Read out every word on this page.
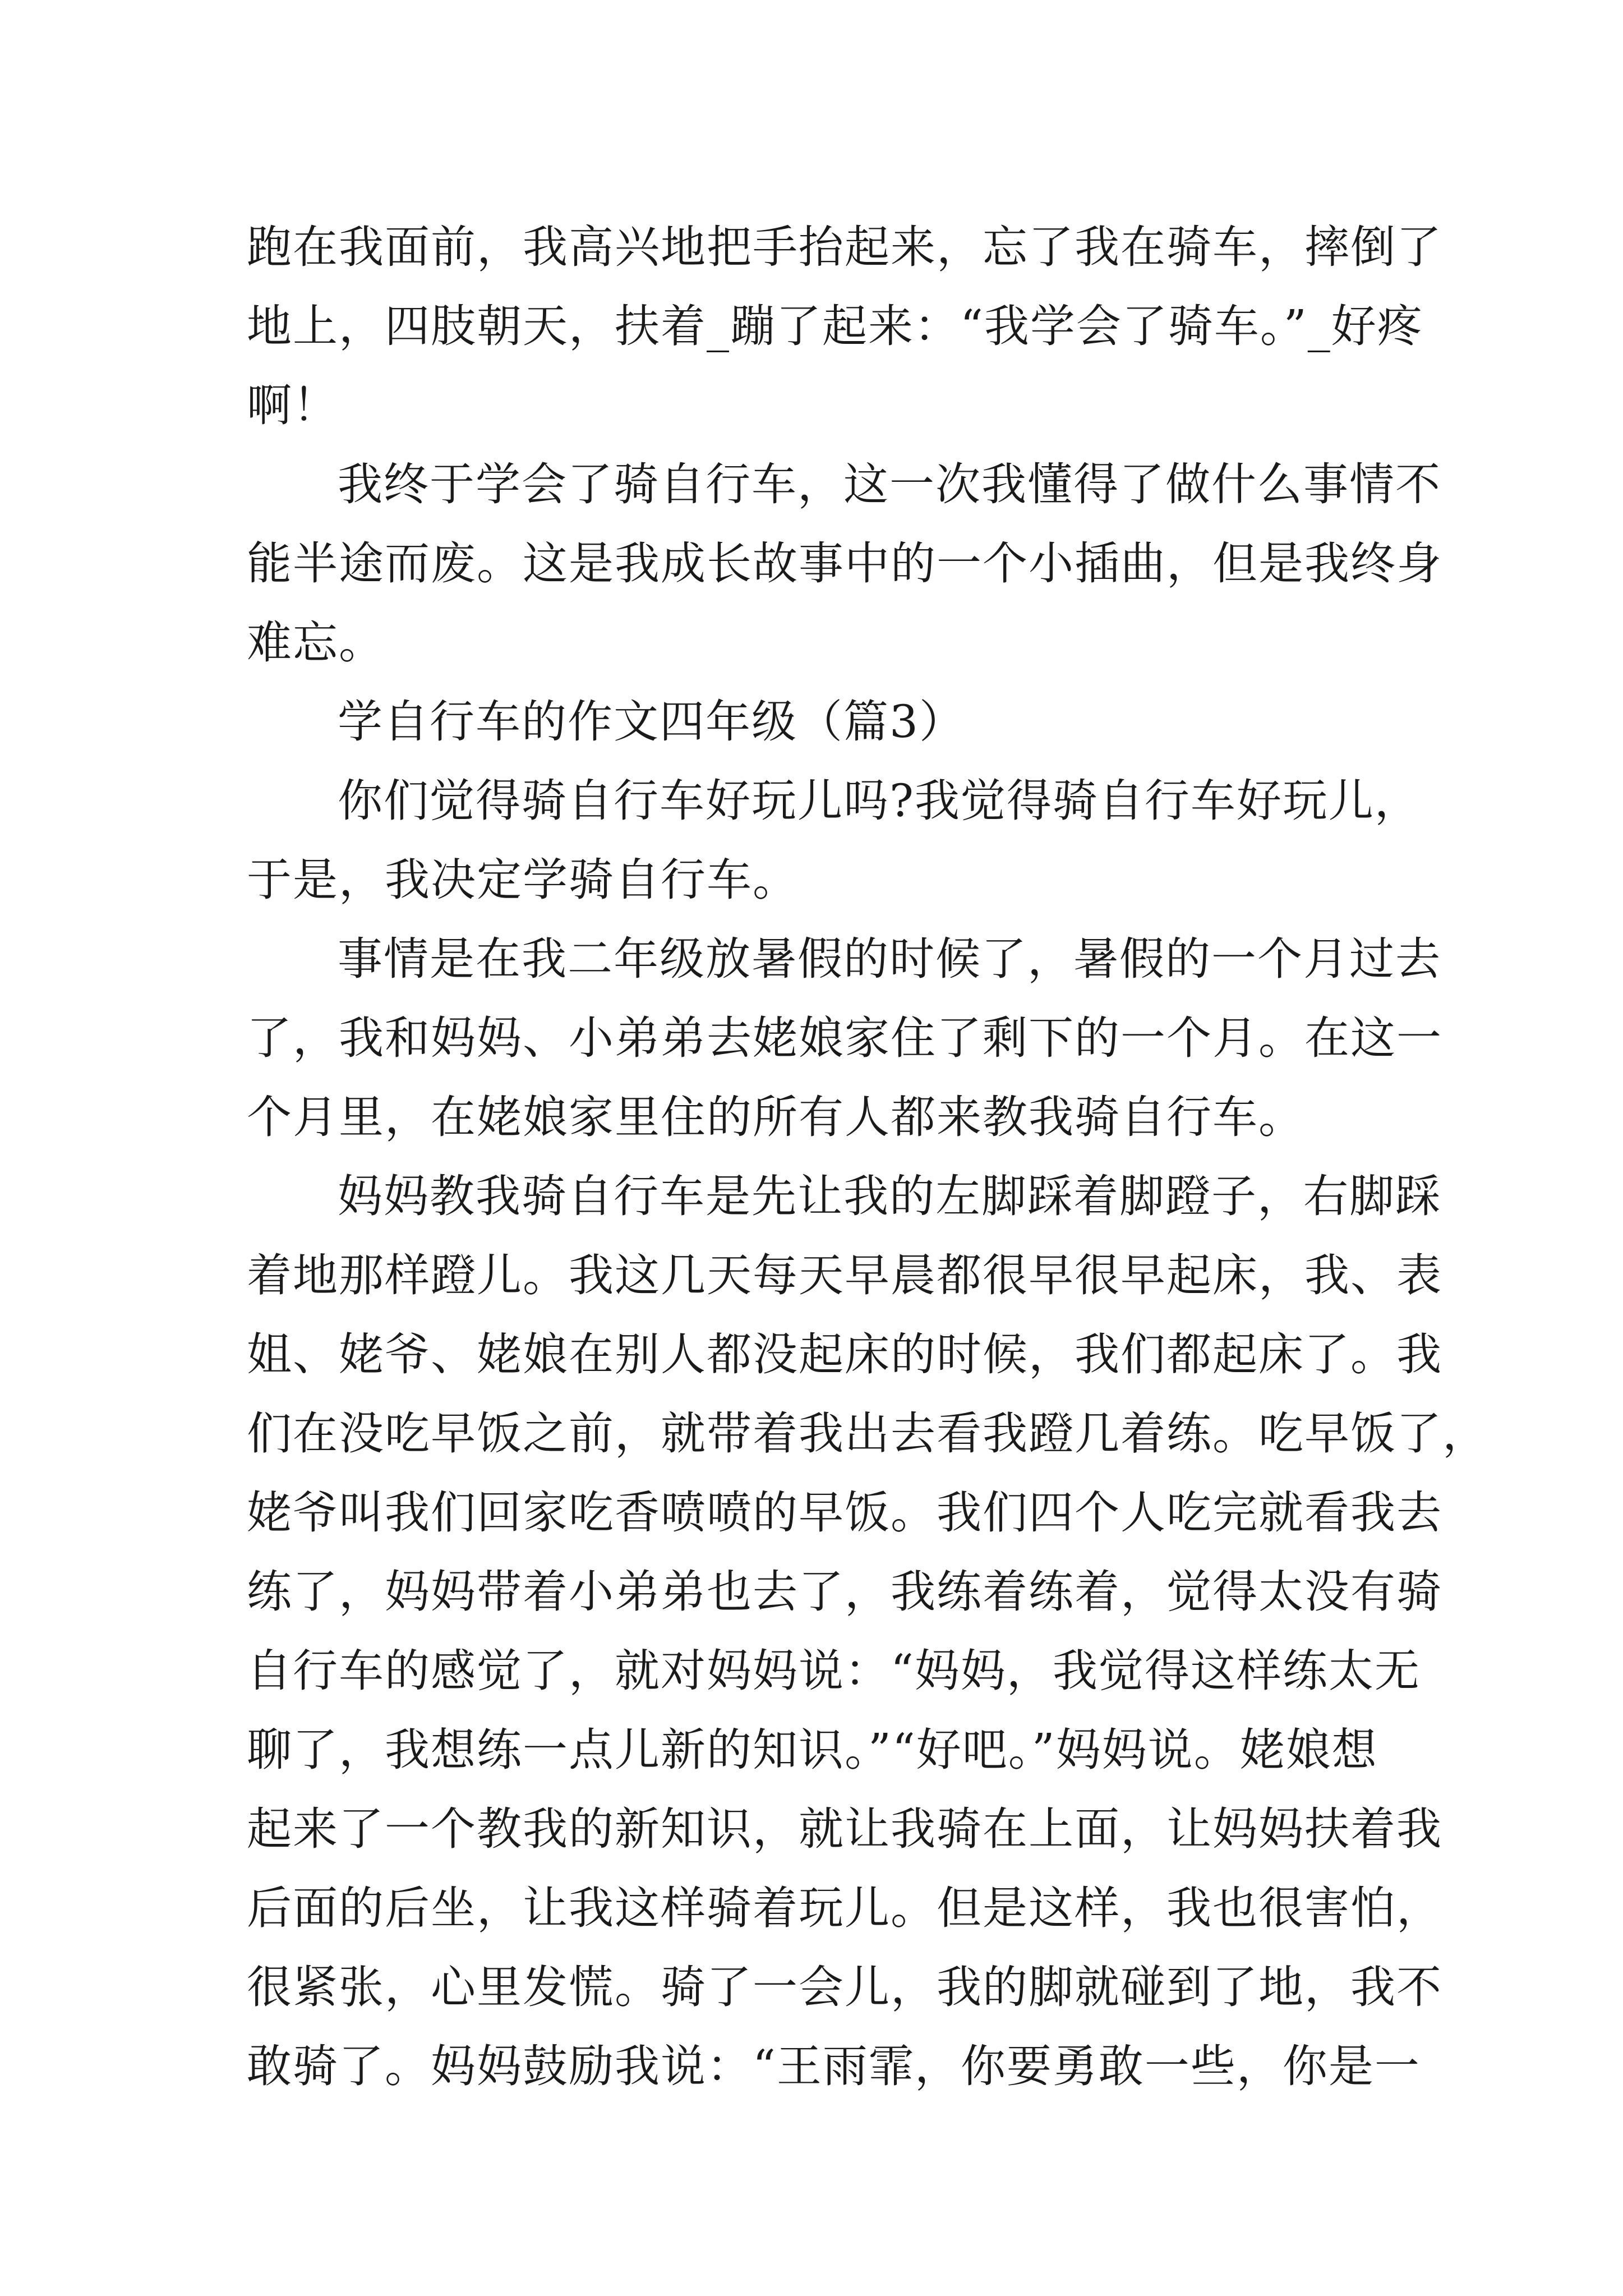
跑在我面前，我高兴地把手抬起来，忘了我在骑车，摔倒了
地上，四肢朝天，扶着_蹦了起来：“我学会了骑车。”_好疼
啊！
我终于学会了骑自行车，这一次我懂得了做什么事情不
能半途而废。这是我成长故事中的一个小插曲，但是我终身
难忘。
学自行车的作文四年级（篇3）
你们觉得骑自行车好玩儿吗?我觉得骑自行车好玩儿，
于是，我决定学骑自行车。
事情是在我二年级放暑假的时候了，暑假的一个月过去
了，我和妈妈、小弟弟去姥娘家住了剩下的一个月。在这一
个月里，在姥娘家里住的所有人都来教我骑自行车。
妈妈教我骑自行车是先让我的左脚踩着脚蹬子，右脚踩
着地那样蹬儿。我这几天每天早晨都很早很早起床，我、表
姐、姥爷、姥娘在别人都没起床的时候，我们都起床了。我
们在没吃早饭之前，就带着我出去看我蹬几着练。吃早饭了，
姥爷叫我们回家吃香喷喷的早饭。我们四个人吃完就看我去
练了，妈妈带着小弟弟也去了，我练着练着，觉得太没有骑
自行车的感觉了，就对妈妈说：“妈妈，我觉得这样练太无
聊了，我想练一点儿新的知识。”“好吧。”妈妈说。姥娘想
起来了一个教我的新知识，就让我骑在上面，让妈妈扶着我
后面的后坐，让我这样骑着玩儿。但是这样，我也很害怕，
很紧张，心里发慌。骑了一会儿，我的脚就碰到了地，我不
敢骑了。妈妈鼓励我说：“王雨霏，你要勇敢一些，你是一
